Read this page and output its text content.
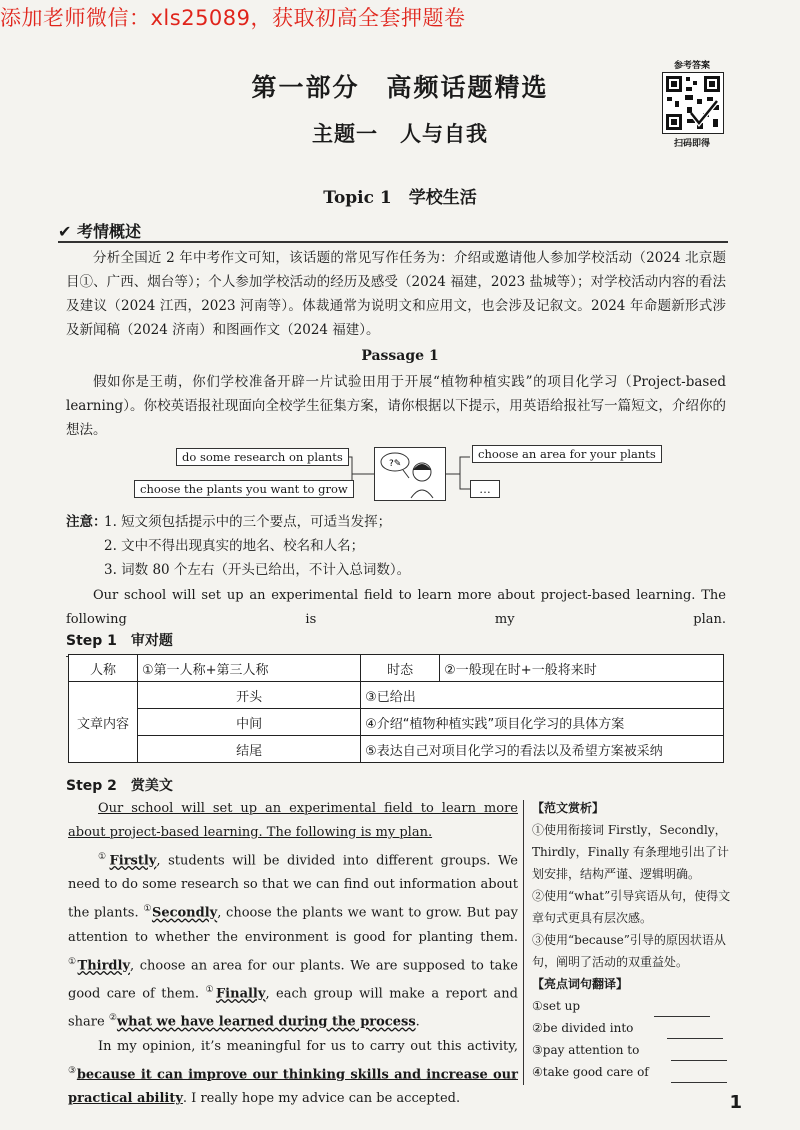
添加老师微信：xls25089，获取初高全套押题卷
第一部分　高频话题精选
主题一　人与自我
参考答案
扫码即得
Topic 1　学校生活
✔ 考情概述
分析全国近 2 年中考作文可知，该话题的常见写作任务为：介绍或邀请他人参加学校活动（2024 北京题目①、广西、烟台等）；个人参加学校活动的经历及感受（2024 福建，2023 盐城等）；对学校活动内容的看法及建议（2024 江西，2023 河南等）。体裁通常为说明文和应用文，也会涉及记叙文。2024 年命题新形式涉及新闻稿（2024 济南）和图画作文（2024 福建）。
Passage 1
假如你是王萌，你们学校准备开辟一片试验田用于开展“植物种植实践”的项目化学习（Project-based learning）。你校英语报社现面向全校学生征集方案，请你根据以下提示，用英语给报社写一篇短文，介绍你的想法。
do some research on plants
choose the plants you want to grow
?✎
choose an area for your plants
…
注意：
1. 短文须包括提示中的三个要点，可适当发挥；
2. 文中不得出现真实的地名、校名和人名；
3. 词数 80 个左右（开头已给出，不计入总词数）。
Our school will set up an experimental field to learn more about project-based learning. The following is my plan.
Step 1　审对题
人称	①第一人称+第三人称	时态	②一般现在时+一般将来时
文章内容	开头	③已给出	
	中间	④介绍“植物种植实践”项目化学习的具体方案	
	结尾	⑤表达自己对项目化学习的看法以及希望方案被采纳	
Step 2　赏美文

Our school will set up an experimental field to learn more about project-based learning. The following is my plan.

①Firstly, students will be divided into different groups. We need to do some research so that we can find out information about the plants. ①Secondly, choose the plants we want to grow. But pay attention to whether the environment is good for planting them. ①Thirdly, choose an area for our plants. We are supposed to take good care of them. ①Finally, each group will make a report and share ②what we have learned during the process.

In my opinion, it’s meaningful for us to carry out this activity, ③because it can improve our thinking skills and increase our practical ability. I really hope my advice can be accepted.

【范文赏析】

①使用衔接词 Firstly，Secondly，Thirdly，Finally 有条理地引出了计划安排，结构严谨、逻辑明确。

②使用“what”引导宾语从句，使得文章句式更具有层次感。

③使用“because”引导的原因状语从句，阐明了活动的双重益处。

【亮点词句翻译】

①set up

②be divided into

③pay attention to

④take good care of

1
